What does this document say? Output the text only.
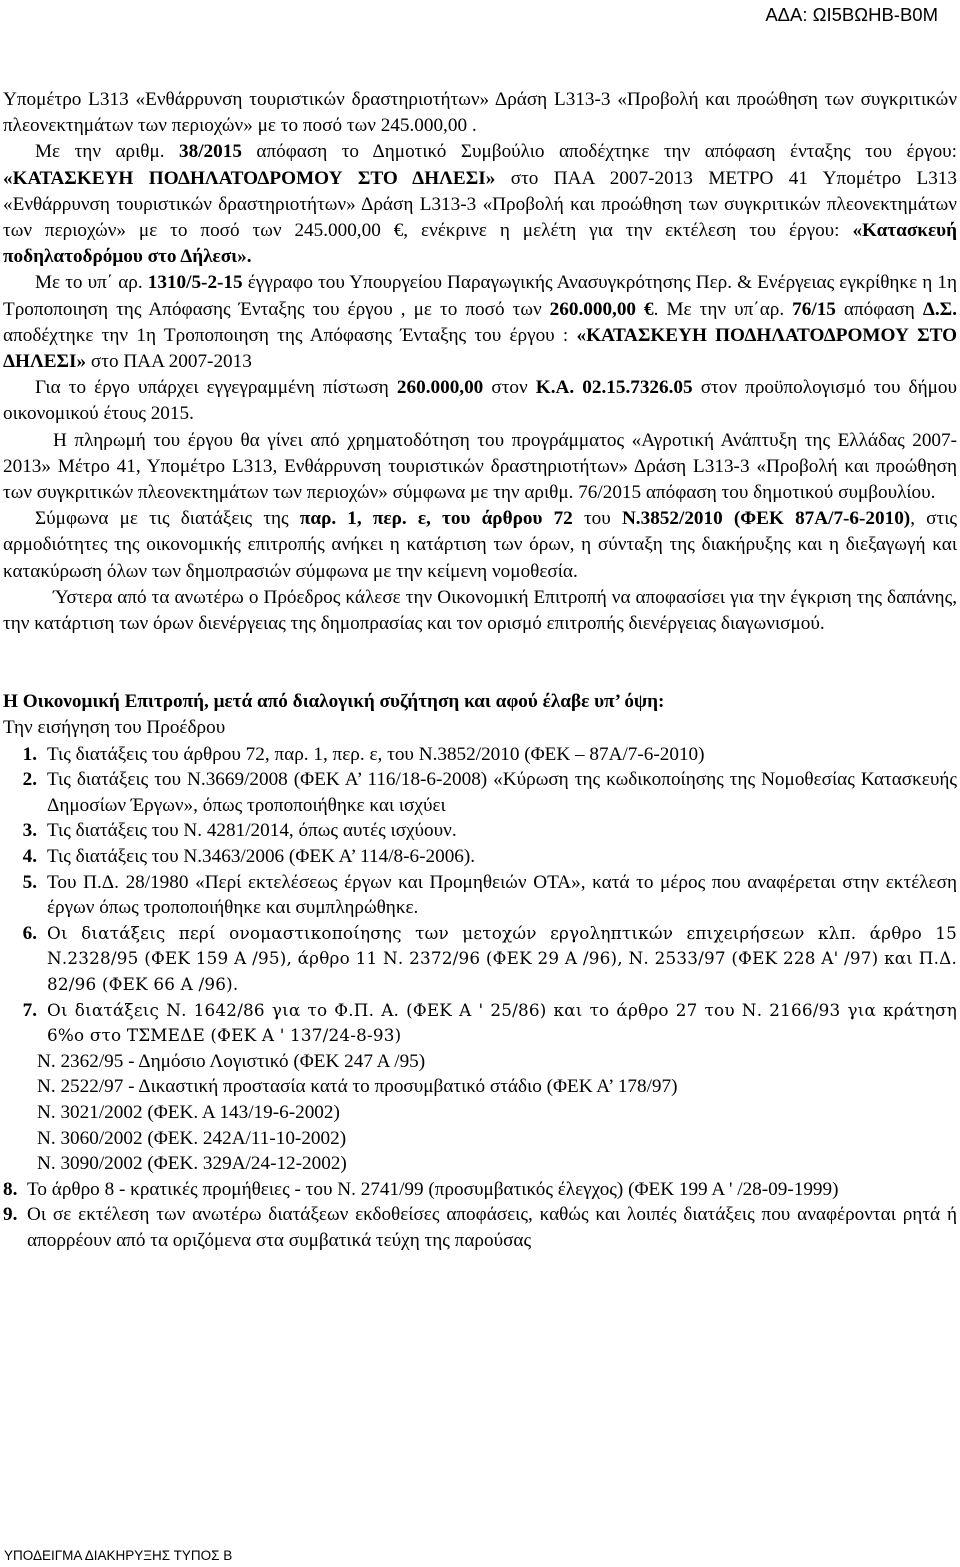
ΑΔΑ: ΩΙ5ΒΩΗΒ-Β0Μ

Υπομέτρο L313 «Ενθάρρυνση τουριστικών δραστηριοτήτων» Δράση L313-3 «Προβολή και προώθηση των συγκριτικών πλεονεκτημάτων των περιοχών» με το ποσό των 245.000,00 .

Με την αριθμ. 38/2015 απόφαση το Δημοτικό Συμβούλιο αποδέχτηκε την απόφαση ένταξης του έργου: «ΚΑΤΑΣΚΕΥΗ ΠΟΔΗΛΑΤΟΔΡΟΜΟΥ ΣΤΟ ΔΗΛΕΣΙ» στο ΠΑΑ 2007-2013 ΜΕΤΡΟ 41 Υπομέτρο L313 «Ενθάρρυνση τουριστικών δραστηριοτήτων» Δράση L313-3 «Προβολή και προώθηση των συγκριτικών πλεονεκτημάτων των περιοχών» με το ποσό των 245.000,00 €, ενέκρινε η μελέτη για την εκτέλεση του έργου: «Κατασκευή ποδηλατοδρόμου στο Δήλεσι».

Με το υπ΄ αρ. 1310/5-2-15 έγγραφο του Υπουργείου Παραγωγικής Ανασυγκρότησης Περ. & Ενέργειας εγκρίθηκε η 1η Τροποποιηση της Απόφασης Ένταξης του έργου , με το ποσό των 260.000,00 €. Με την υπ΄αρ. 76/15 απόφαση Δ.Σ. αποδέχτηκε την 1η Τροποποιηση της Απόφασης Ένταξης του έργου : «ΚΑΤΑΣΚΕΥΗ ΠΟΔΗΛΑΤΟΔΡΟΜΟΥ ΣΤΟ ΔΗΛΕΣΙ» στο ΠΑΑ 2007-2013

Για το έργο υπάρχει εγγεγραμμένη πίστωση 260.000,00 στον Κ.Α. 02.15.7326.05 στον προϋπολογισμό του δήμου οικονομικού έτους 2015.

Η πληρωμή του έργου θα γίνει από χρηματοδότηση του προγράμματος «Αγροτική Ανάπτυξη της Ελλάδας 2007-2013» Μέτρο 41, Υπομέτρο L313, Ενθάρρυνση τουριστικών δραστηριοτήτων» Δράση L313-3 «Προβολή και προώθηση των συγκριτικών πλεονεκτημάτων των περιοχών» σύμφωνα με την αριθμ. 76/2015 απόφαση του δημοτικού συμβουλίου.

Σύμφωνα με τις διατάξεις της παρ. 1, περ. ε, του άρθρου 72 του Ν.3852/2010 (ΦΕΚ 87Α/7-6-2010), στις αρμοδιότητες της οικονομικής επιτροπής ανήκει η κατάρτιση των όρων, η σύνταξη της διακήρυξης και η διεξαγωγή και κατακύρωση όλων των δημοπρασιών σύμφωνα με την κείμενη νομοθεσία.

Ύστερα από τα ανωτέρω ο Πρόεδρος κάλεσε την Οικονομική Επιτροπή να αποφασίσει για την έγκριση της δαπάνης, την κατάρτιση των όρων διενέργειας της δημοπρασίας και τον ορισμό επιτροπής διενέργειας διαγωνισμού.

Η Οικονομική Επιτροπή, μετά από διαλογική συζήτηση και αφού έλαβε υπ’ όψη:

Την εισήγηση του Προέδρου

1. Τις διατάξεις του άρθρου 72, παρ. 1, περ. ε, του Ν.3852/2010 (ΦΕΚ – 87Α/7-6-2010)
2. Τις διατάξεις του Ν.3669/2008 (ΦΕΚ Α’ 116/18-6-2008) «Κύρωση της κωδικοποίησης της Νομοθεσίας Κατασκευής Δημοσίων Έργων», όπως τροποποιήθηκε και ισχύει
3. Τις διατάξεις του Ν. 4281/2014, όπως αυτές ισχύουν.
4. Τις διατάξεις του Ν.3463/2006 (ΦΕΚ Α’ 114/8-6-2006).
5. Του Π.Δ. 28/1980 «Περί εκτελέσεως έργων και Προμηθειών ΟΤΑ», κατά το μέρος που αναφέρεται στην εκτέλεση έργων όπως τροποποιήθηκε και συμπληρώθηκε.
6. Οι διατάξεις περί ονομαστικοποίησης των μετοχών εργοληπτικών επιχειρήσεων κλπ. άρθρο 15 Ν.2328/95 (ΦΕΚ 159 Α /95), άρθρο 11 Ν. 2372/96 (ΦΕΚ 29 Α /96), Ν. 2533/97 (ΦΕΚ 228 Α' /97) και Π.Δ. 82/96 (ΦΕΚ 66 Α /96).
7. Οι διατάξεις Ν. 1642/86 για το Φ.Π. Α. (ΦΕΚ Α ' 25/86) και το άρθρο 27 του Ν. 2166/93 για κράτηση 6%ο στο ΤΣΜΕΔΕ (ΦΕΚ Α ' 137/24-8-93)
Ν. 2362/95 - Δημόσιο Λογιστικό (ΦΕΚ 247 Α /95)
Ν. 2522/97 - Δικαστική προστασία κατά το προσυμβατικό στάδιο (ΦΕΚ Α’ 178/97)
Ν. 3021/2002 (ΦΕΚ. Α 143/19-6-2002)
Ν. 3060/2002 (ΦΕΚ. 242Α/11-10-2002)
Ν. 3090/2002 (ΦΕΚ. 329Α/24-12-2002)
8. Το άρθρο 8 - κρατικές προμήθειες - του Ν. 2741/99 (προσυμβατικός έλεγχος) (ΦΕΚ 199 Α ' /28-09-1999)
9. Οι σε εκτέλεση των ανωτέρω διατάξεων εκδοθείσες αποφάσεις, καθώς και λοιπές διατάξεις που αναφέρονται ρητά ή απορρέουν από τα οριζόμενα στα συμβατικά τεύχη της παρούσας
ΥΠΟΔΕΙΓΜΑ ΔΙΑΚΗΡΥΞΗΣ ΤΥΠΟΣ Β
